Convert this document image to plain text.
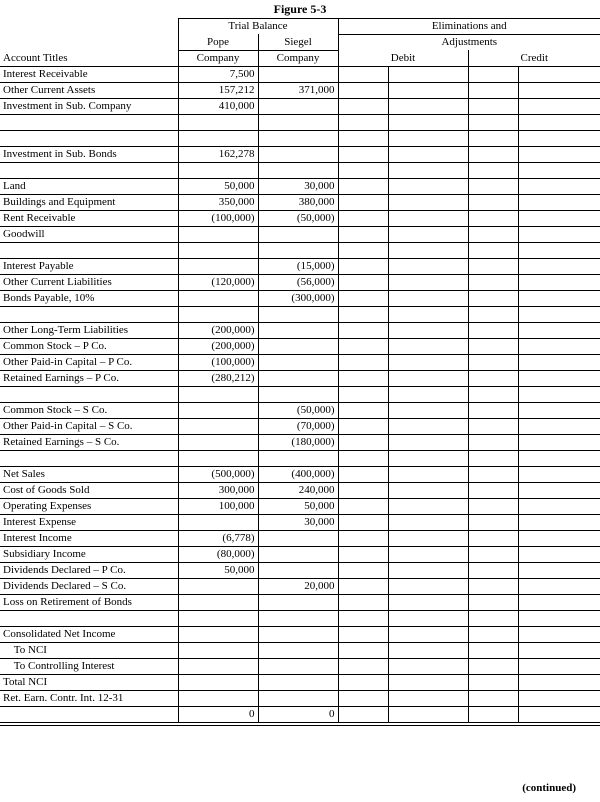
Figure 5-3
	Trial Balance		Eliminations and			
	Pope	Siegel	Adjustments			
Account Titles	Company	Company	Debit		Credit	
Interest Receivable	7,500					
Other Current Assets	157,212	371,000				
Investment in Sub. Company	410,000					

Investment in Sub. Bonds	162,278					

Land	50,000	30,000				
Buildings and Equipment	350,000	380,000				
Rent Receivable	(100,000)	(50,000)				
Goodwill						

Interest Payable		(15,000)				
Other Current Liabilities	(120,000)	(56,000)				
Bonds Payable, 10%		(300,000)				

Other Long-Term Liabilities	(200,000)					
Common Stock – P Co.	(200,000)					
Other Paid-in Capital – P Co.	(100,000)					
Retained Earnings – P Co.	(280,212)					

Common Stock – S Co.		(50,000)				
Other Paid-in Capital – S Co.		(70,000)				
Retained Earnings – S Co.		(180,000)				

Net Sales	(500,000)	(400,000)				
Cost of Goods Sold	300,000	240,000				
Operating Expenses	100,000	50,000				
Interest Expense		30,000				
Interest Income	(6,778)					
Subsidiary Income	(80,000)					
Dividends Declared – P Co.	50,000					
Dividends Declared – S Co.		20,000				
Loss on Retirement of Bonds						

Consolidated Net Income						
To NCI						
To Controlling Interest						
Total NCI						
Ret. Earn. Contr. Int. 12-31						
	0	0				
(continued)
